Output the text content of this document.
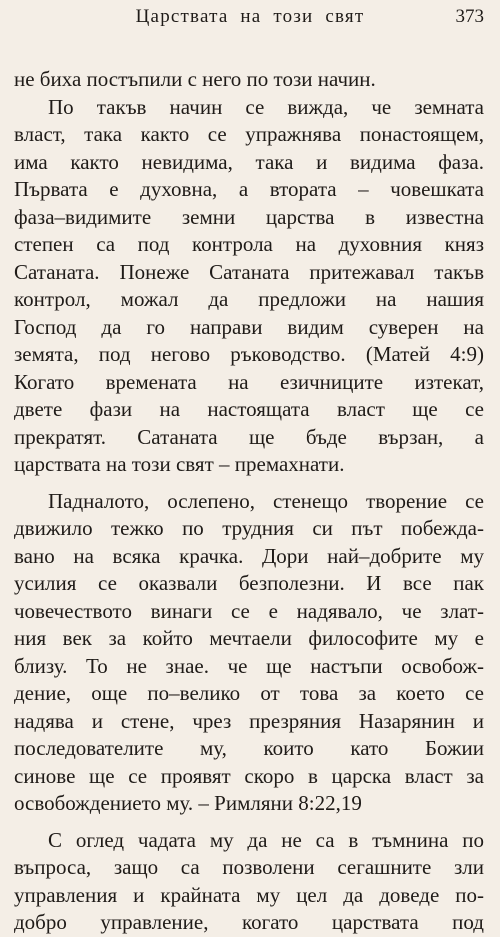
Царствата на този свят	373
не биха постъпили с него по този начин.
По такъв начин се вижда, че земната
власт, така както се упражнява понастоящем,
има както невидима, така и видима фаза.
Първата е духовна, а втората – човешката
фаза–видимите земни царства в известна
степен са под контрола на духовния княз
Сатаната. Понеже Сатаната притежавал такъв
контрол, можал да предложи на нашия
Господ да го направи видим суверен на
земята, под негово ръководство. (Матей 4:9)
Когато времената на езичниците изтекат,
двете фази на настоящата власт ще се
прекратят. Сатаната ще бъде вързан, а
царствата на този свят – премахнати.
Падналото, ослепено, стенещо творение се
движило тежко по трудния си път побеждa-
вано на всяка крачка. Дори най–добрите му
усилия се оказвали безполезни. И все пак
човечеството винаги се е надявало, че злат-
ния век за който мечтаели философите му е
близу. То не знае. че ще настъпи освобож-
дение, още по–велико от това за което се
надява и стене, чрез презряния Назарянин и
последователите му, които като Божии
синове ще се проявят скоро в царска власт за
освобождението му. – Римляни 8:22,19
С оглед чадата му да не са в тъмнина по
въпроса, защо са позволени сегашните зли
управления и крайната му цел да доведе по-
добро управление, когато царствата под
